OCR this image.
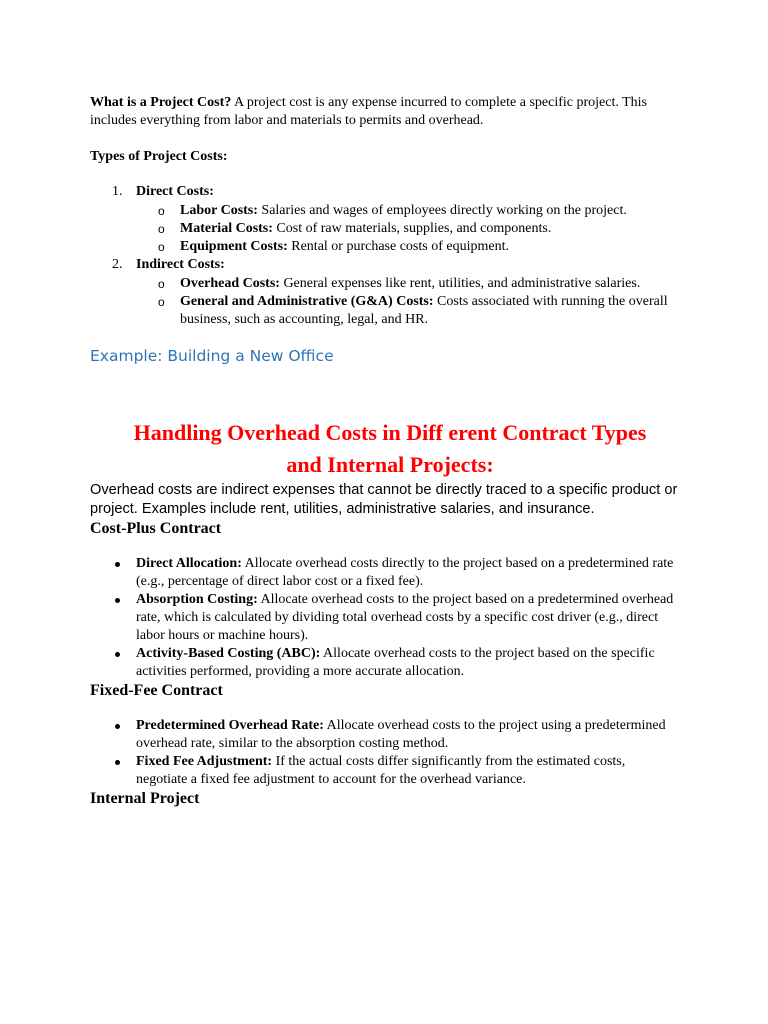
What is a Project Cost? A project cost is any expense incurred to complete a specific project. This includes everything from labor and materials to permits and overhead.

Types of Project Costs:

1. Direct Costs:
o Labor Costs: Salaries and wages of employees directly working on the project.
o Material Costs: Cost of raw materials, supplies, and components.
o Equipment Costs: Rental or purchase costs of equipment.
2. Indirect Costs:
o Overhead Costs: General expenses like rent, utilities, and administrative salaries.
o General and Administrative (G&A) Costs: Costs associated with running the overall business, such as accounting, legal, and HR.

Example: Building a New Office

Handling Overhead Costs in Diff erent Contract Types
and Internal Projects:

Overhead costs are indirect expenses that cannot be directly traced to a specific product or project. Examples include rent, utilities, administrative salaries, and insurance.

Cost-Plus Contract
Direct Allocation: Allocate overhead costs directly to the project based on a predetermined rate (e.g., percentage of direct labor cost or a fixed fee).
Absorption Costing: Allocate overhead costs to the project based on a predetermined overhead rate, which is calculated by dividing total overhead costs by a specific cost driver (e.g., direct labor hours or machine hours).
Activity-Based Costing (ABC): Allocate overhead costs to the project based on the specific activities performed, providing a more accurate allocation.
Fixed-Fee Contract
Predetermined Overhead Rate: Allocate overhead costs to the project using a predetermined overhead rate, similar to the absorption costing method.
Fixed Fee Adjustment: If the actual costs differ significantly from the estimated costs, negotiate a fixed fee adjustment to account for the overhead variance.
Internal Project
